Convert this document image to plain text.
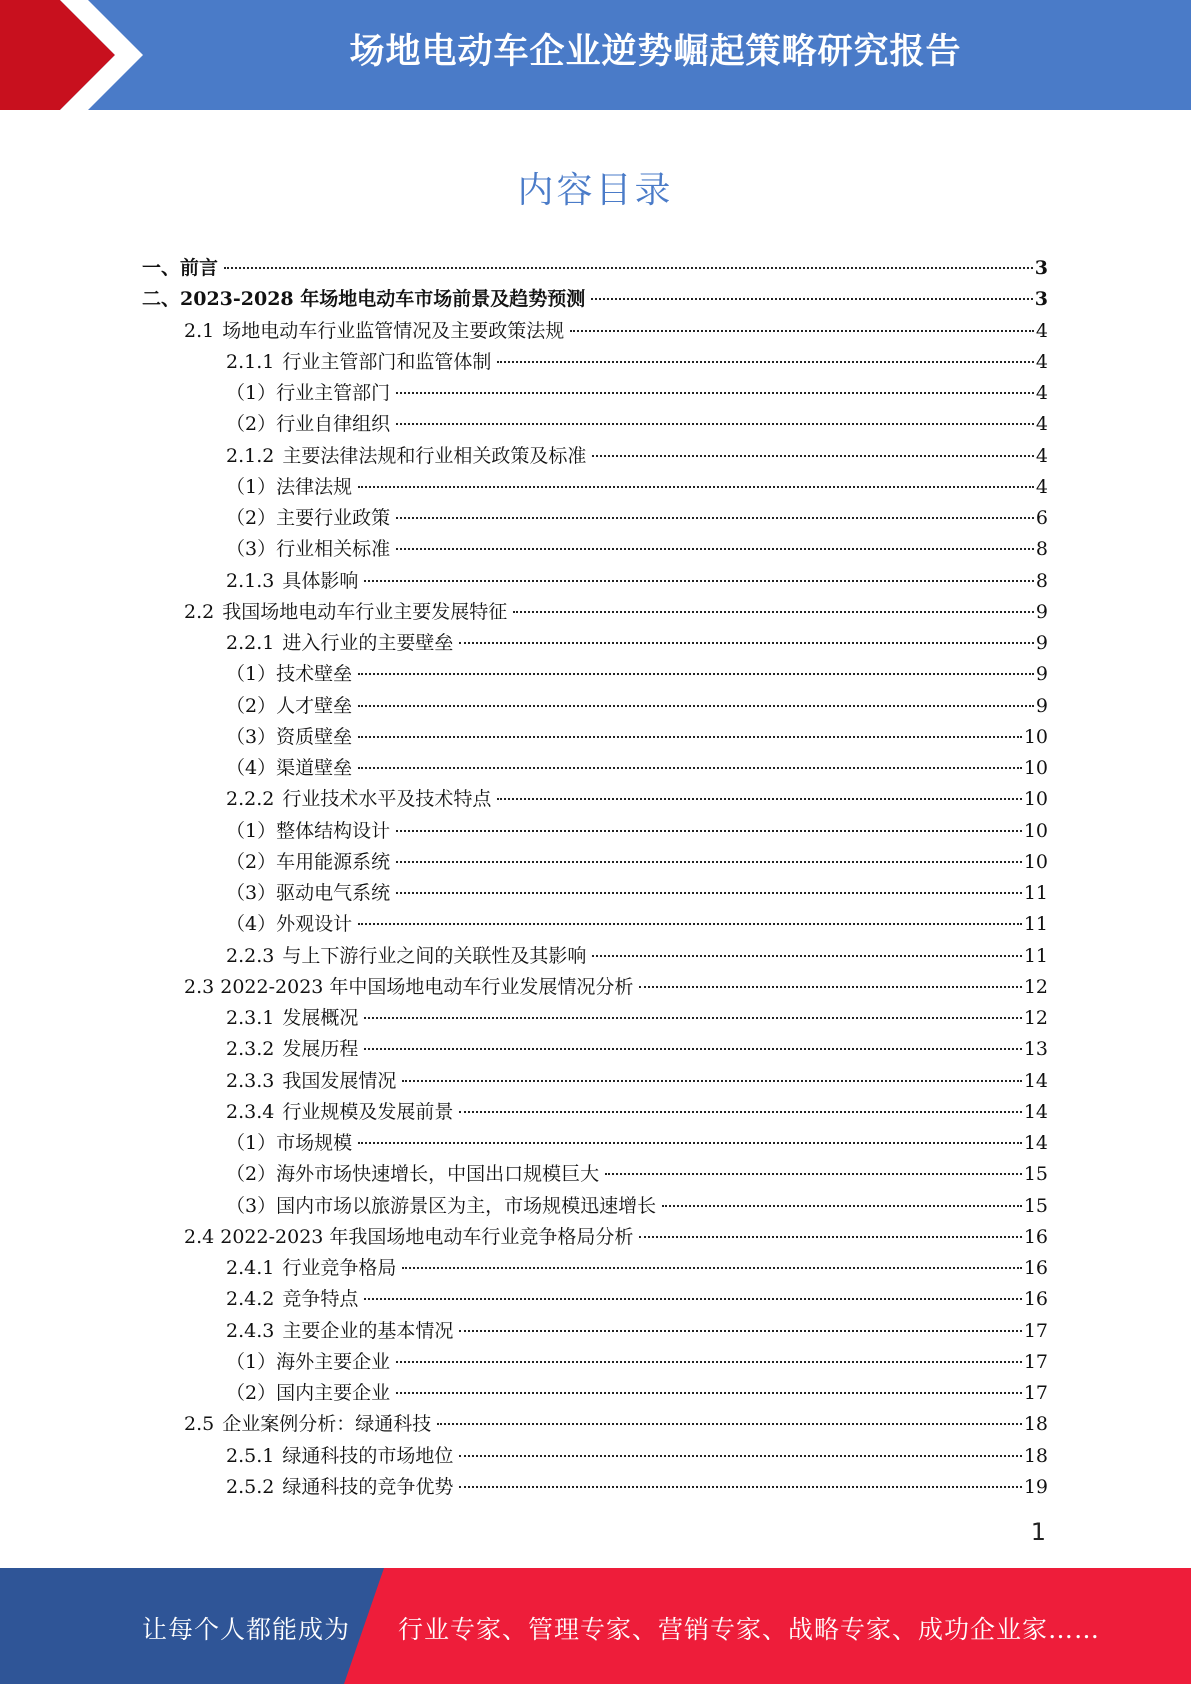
场地电动车企业逆势崛起策略研究报告
内容目录
一、前言	3
二、2023-2028 年场地电动车市场前景及趋势预测	3
2.1 场地电动车行业监管情况及主要政策法规	4
2.1.1 行业主管部门和监管体制	4
（1）行业主管部门	4
（2）行业自律组织	4
2.1.2 主要法律法规和行业相关政策及标准	4
（1）法律法规	4
（2）主要行业政策	6
（3）行业相关标准	8
2.1.3 具体影响	8
2.2 我国场地电动车行业主要发展特征	9
2.2.1 进入行业的主要壁垒	9
（1）技术壁垒	9
（2）人才壁垒	9
（3）资质壁垒	10
（4）渠道壁垒	10
2.2.2 行业技术水平及技术特点	10
（1）整体结构设计	10
（2）车用能源系统	10
（3）驱动电气系统	11
（4）外观设计	11
2.2.3 与上下游行业之间的关联性及其影响	11
2.3 2022-2023 年中国场地电动车行业发展情况分析	12
2.3.1 发展概况	12
2.3.2 发展历程	13
2.3.3 我国发展情况	14
2.3.4 行业规模及发展前景	14
（1）市场规模	14
（2）海外市场快速增长，中国出口规模巨大	15
（3）国内市场以旅游景区为主，市场规模迅速增长	15
2.4 2022-2023 年我国场地电动车行业竞争格局分析	16
2.4.1 行业竞争格局	16
2.4.2 竞争特点	16
2.4.3 主要企业的基本情况	17
（1）海外主要企业	17
（2）国内主要企业	17
2.5 企业案例分析：绿通科技	18
2.5.1 绿通科技的市场地位	18
2.5.2 绿通科技的竞争优势	19
1
让每个人都能成为 行业专家、管理专家、营销专家、战略专家、成功企业家……
